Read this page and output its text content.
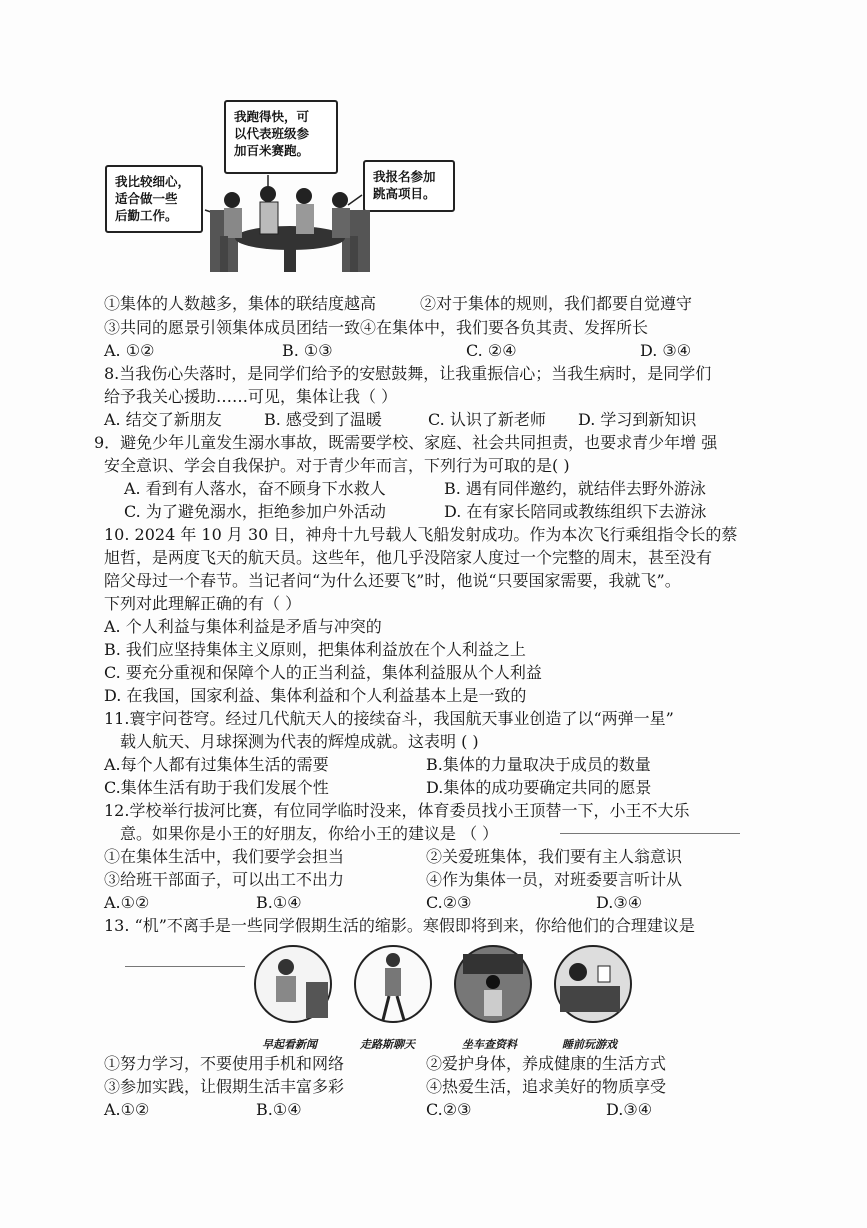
我跑得快，可
以代表班级参
加百米赛跑。
我比较细心，
适合做一些
后勤工作。
我报名参加
跳高项目。
①集体的人数越多，集体的联结度越高	②对于集体的规则，我们都要自觉遵守
③共同的愿景引领集体成员团结一致④在集体中，我们要各负其责、发挥所长
A. ①②	B. ①③	C. ②④	D. ③④
8.当我伤心失落时，是同学们给予的安慰鼓舞，让我重振信心；当我生病时，是同学们
给予我关心援助……可见，集体让我（ ）
A. 结交了新朋友	B. 感受到了温暖	C. 认识了新老师 D. 学习到新知识
9．避免少年儿童发生溺水事故，既需要学校、家庭、社会共同担责，也要求青少年增 强
安全意识、学会自我保护。对于青少年而言，下列行为可取的是( )
A. 看到有人落水，奋不顾身下水救人	B. 遇有同伴邀约，就结伴去野外游泳
C. 为了避免溺水，拒绝参加户外活动	D. 在有家长陪同或教练组织下去游泳
10. 2024 年 10 月 30 日，神舟十九号载人飞船发射成功。作为本次飞行乘组指令长的蔡
旭哲，是两度飞天的航天员。这些年，他几乎没陪家人度过一个完整的周末，甚至没有
陪父母过一个春节。当记者问“为什么还要飞”时，他说“只要国家需要，我就飞”。
下列对此理解正确的有（ ）
A. 个人利益与集体利益是矛盾与冲突的
B. 我们应坚持集体主义原则，把集体利益放在个人利益之上
C. 要充分重视和保障个人的正当利益，集体利益服从个人利益
D. 在我国，国家利益、集体利益和个人利益基本上是一致的
11.寰宇问苍穹。经过几代航天人的接续奋斗，我国航天事业创造了以“两弹一星”
载人航天、月球探测为代表的辉煌成就。这表明 ( )
A.每个人都有过集体生活的需要	B.集体的力量取决于成员的数量
C.集体生活有助于我们发展个性	D.集体的成功要确定共同的愿景
12.学校举行拔河比赛，有位同学临时没来，体育委员找小王顶替一下，小王不大乐
意。如果你是小王的好朋友，你给小王的建议是 （ ）
①在集体生活中，我们要学会担当	②关爱班集体，我们要有主人翁意识
③给班干部面子，可以出工不出力	④作为集体一员，对班委要言听计从
A.①②	B.①④	C.②③	D.③④
13. “机”不离手是一些同学假期生活的缩影。寒假即将到来，你给他们的合理建议是
早起看新闻	走路斯聊天	坐车查资料	睡前玩游戏
①努力学习，不要使用手机和网络	②爱护身体，养成健康的生活方式
③参加实践，让假期生活丰富多彩	④热爱生活，追求美好的物质享受
A.①②	B.①④	C.②③	D.③④
